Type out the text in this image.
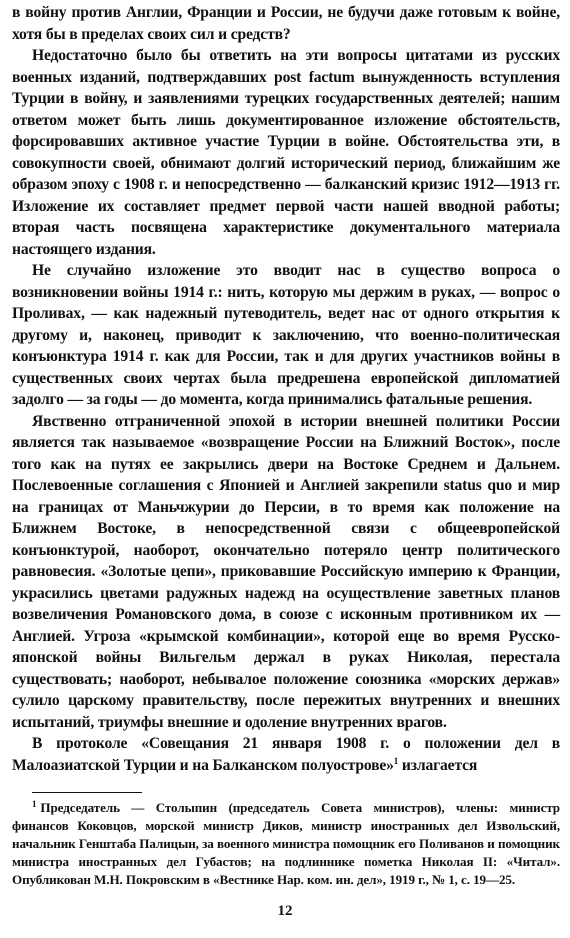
в войну против Англии, Франции и России, не будучи даже готовым к войне, хотя бы в пределах своих сил и средств?

Недостаточно было бы ответить на эти вопросы цитатами из русских военных изданий, подтверждавших post factum вынужденность вступления Турции в войну, и заявлениями турецких государственных деятелей; нашим ответом может быть лишь документированное изложение обстоятельств, форсировавших активное участие Турции в войне. Обстоятельства эти, в совокупности своей, обнимают долгий исторический период, ближайшим же образом эпоху с 1908 г. и непосредственно — балканский кризис 1912—1913 гг. Изложение их составляет предмет первой части нашей вводной работы; вторая часть посвящена характеристике документального материала настоящего издания.

Не случайно изложение это вводит нас в существо вопроса о возникновении войны 1914 г.: нить, которую мы держим в руках, — вопрос о Проливах, — как надежный путеводитель, ведет нас от одного открытия к другому и, наконец, приводит к заключению, что военно-политическая конъюнктура 1914 г. как для России, так и для других участников войны в существенных своих чертах была предрешена европейской дипломатией задолго — за годы — до момента, когда принимались фатальные решения.

Явственно отграниченной эпохой в истории внешней политики России является так называемое «возвращение России на Ближний Восток», после того как на путях ее закрылись двери на Востоке Среднем и Дальнем. Послевоенные соглашения с Японией и Англией закрепили status quo и мир на границах от Маньчжурии до Персии, в то время как положение на Ближнем Востоке, в непосредственной связи с общеевропейской конъюнктурой, наоборот, окончательно потеряло центр политического равновесия. «Золотые цепи», приковавшие Российскую империю к Франции, украсились цветами радужных надежд на осуществление заветных планов возвеличения Романовского дома, в союзе с исконным противником их — Англией. Угроза «крымской комбинации», которой еще во время Русско-японской войны Вильгельм держал в руках Николая, перестала существовать; наоборот, небывалое положение союзника «морских держав» сулило царскому правительству, после пережитых внутренних и внешних испытаний, триумфы внешние и одоление внутренних врагов.

В протоколе «Совещания 21 января 1908 г. о положении дел в Малоазиатской Турции и на Балканском полуострове»$^1$ излагается

$^1$ Председатель — Столыпин (председатель Совета министров), члены: министр финансов Коковцов, морской министр Диков, министр иностранных дел Извольский, начальник Генштаба Палицын, за военного министра помощник его Поливанов и помощник министра иностранных дел Губастов; на подлиннике пометка Николая II: «Читал». Опубликован М.Н. Покровским в «Вестнике Нар. ком. ин. дел», 1919 г., № 1, с. 19—25.

12
